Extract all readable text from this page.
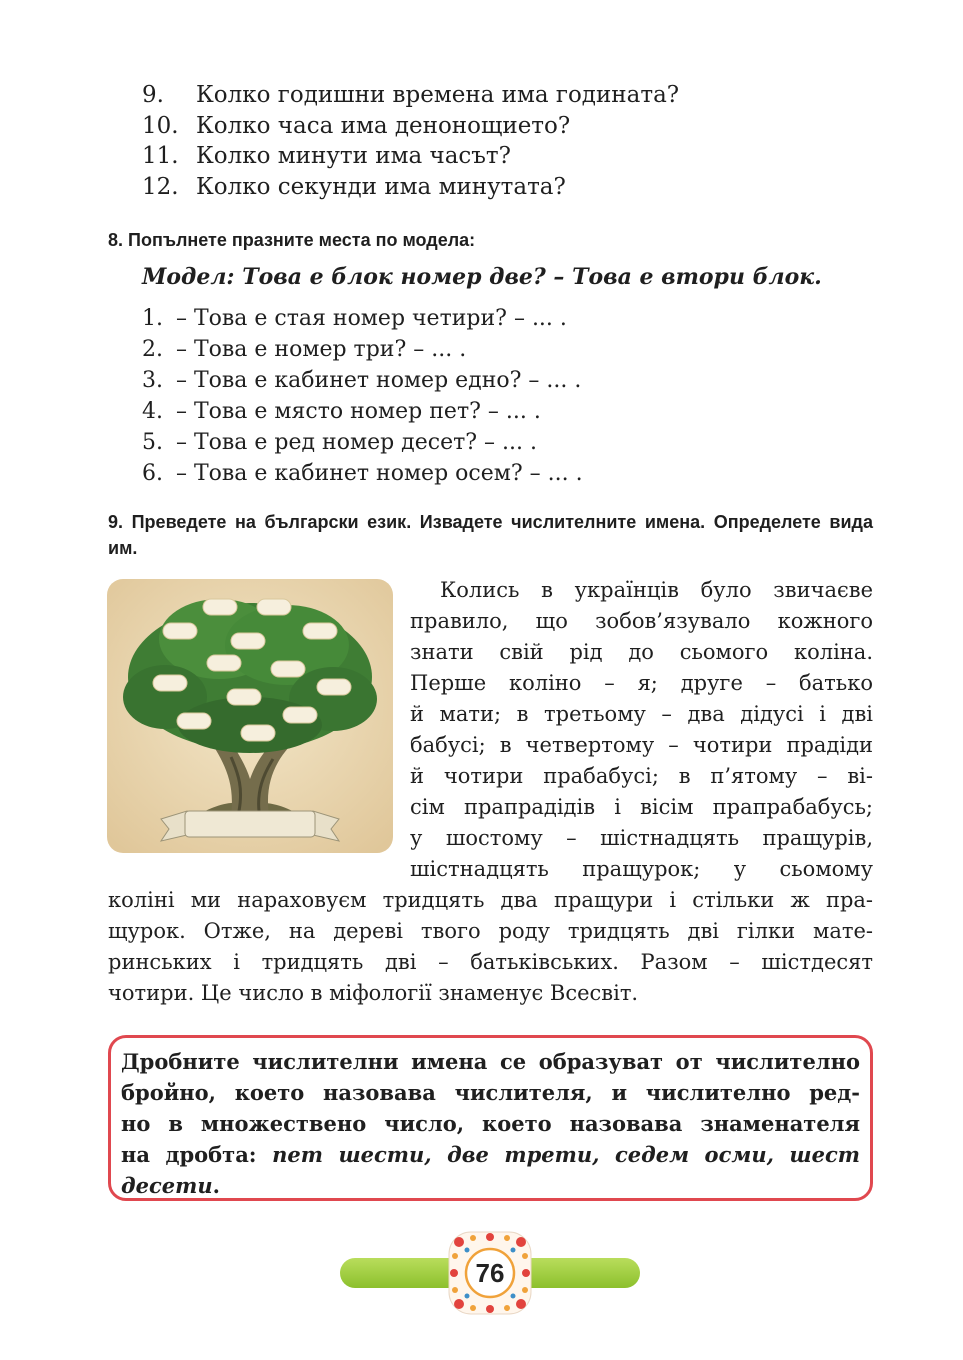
9. Колко годишни времена има годината?
10. Колко часа има денонощието?
11. Колко минути има часът?
12. Колко секунди има минутата?
8. Попълнете празните места по модела:
Модел: Това е блок номер две? – Това е втори блок.
1. – Това е стая номер четири? – ... .
2. – Това е номер три? – ... .
3. – Това е кабинет номер едно? – ... .
4. – Това е място номер пет? – ... .
5. – Това е ред номер десет? – ... .
6. – Това е кабинет номер осем? – ... .
9. Преведете на български език. Извадете числителните имена. Определете вида им.
Колись в українців було звичаєве
правило, що зобов’язувало кожного
знати свій рід до сьомого коліна.
Перше коліно – я; друге – батько
й мати; в третьому – два дідусі і дві
бабусі; в четвертому – чотири прадіди
й чотири прабабусі; в п’ятому – ві-
сім прапрадідів і вісім прапрабабусь;
у шостому – шістнадцять пращурів,
шістнадцять пращурок; у сьомому
коліні ми нараховуєм тридцять два пращури і стільки ж пра-
щурок. Отже, на дереві твого роду тридцять дві гілки мате-
ринських і тридцять дві – батьківських. Разом – шістдесят
чотири. Це число в міфології знаменує Всесвіт.
Дробните числителни имена се образуват от числително
бройно, което назовава числителя, и числително ред-
но в множествено число, което назовава знаменателя
на дробта: пет шести, две трети, седем осми, шест
десети.
76
